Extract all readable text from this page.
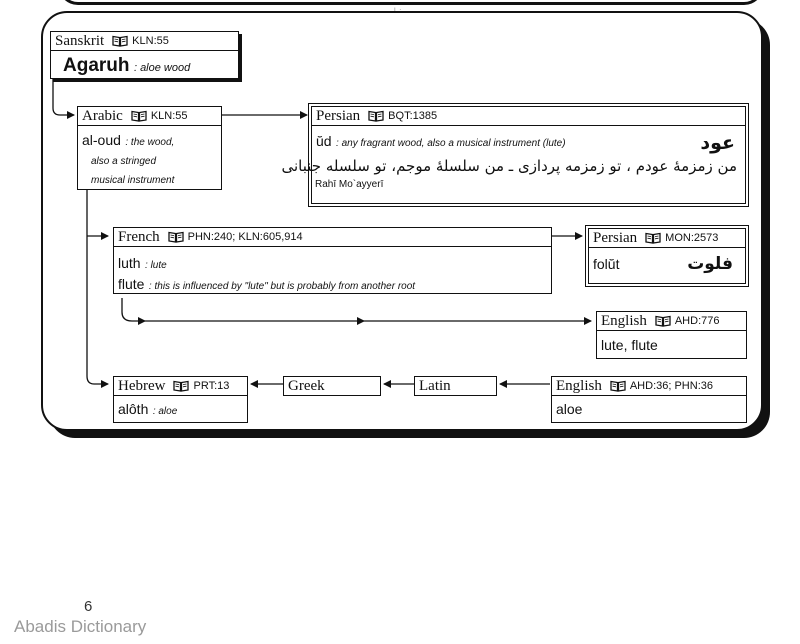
Sanskrit	KLN:55
Agaruh : aloe wood
Arabic	KLN:55
al-oud : the wood,
also a stringed
musical instrument
Persian	BQT:1385
ŭd : any fragrant wood, also a musical instrument (lute)	عود
من زمزمهٔ عودم ، تو زمزمه پردازی ـ من سلسلهٔ موجم، تو سلسله جنبانی
Rahī Mo`ayyerī
French	PHN:240; KLN:605,914
luth : lute
flute : this is influenced by "lute" but is probably from another root
Persian	MON:2573
folŭt	فلوت
English	AHD:776
lute, flute
Hebrew	PRT:13
alôth : aloe
Greek	Latin	English	AHD:36; PHN:36
aloe
6
Abadis Dictionary
